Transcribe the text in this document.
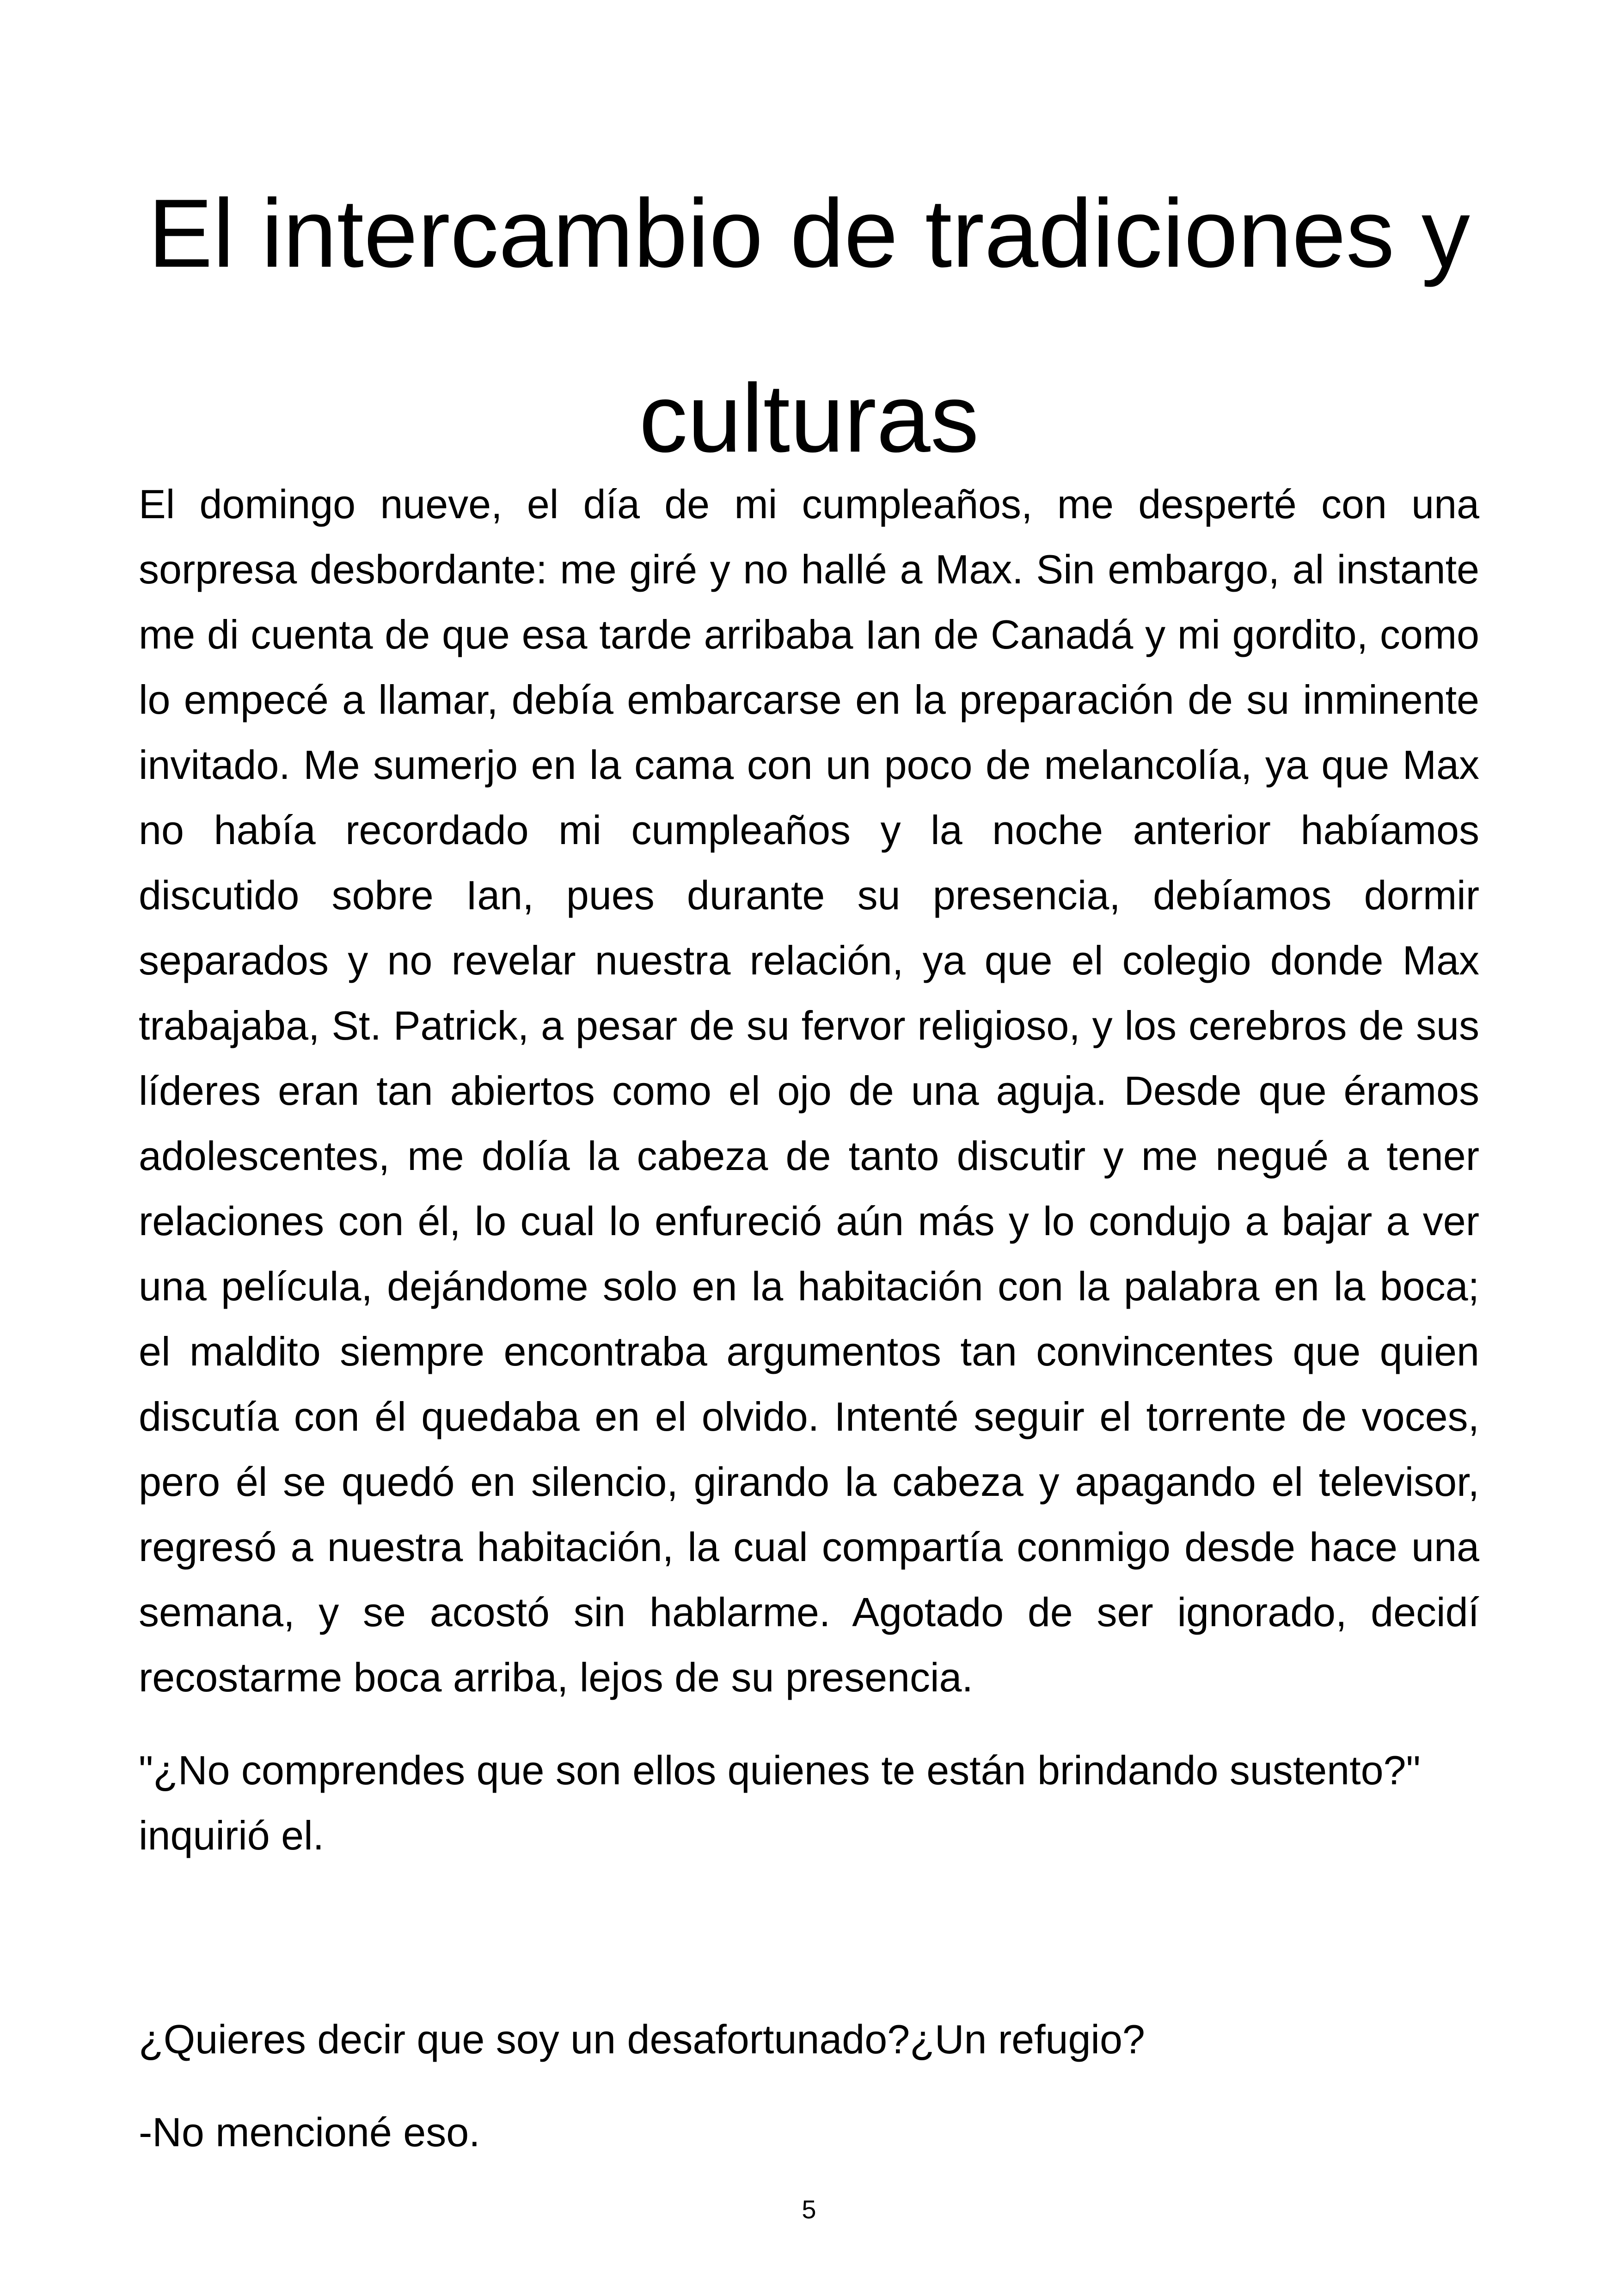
El intercambio de tradiciones y culturas

El domingo nueve, el día de mi cumpleaños, me desperté con una sorpresa desbordante: me giré y no hallé a Max. Sin embargo, al instante me di cuenta de que esa tarde arribaba Ian de Canadá y mi gordito, como lo empecé a llamar, debía embarcarse en la preparación de su inminente invitado. Me sumerjo en la cama con un poco de melancolía, ya que Max no había recordado mi cumpleaños y la noche anterior habíamos discutido sobre Ian, pues durante su presencia, debíamos dormir separados y no revelar nuestra relación, ya que el colegio donde Max trabajaba, St. Patrick, a pesar de su fervor religioso, y los cerebros de sus líderes eran tan abiertos como el ojo de una aguja. Desde que éramos adolescentes, me dolía la cabeza de tanto discutir y me negué a tener relaciones con él, lo cual lo enfureció aún más y lo condujo a bajar a ver una película, dejándome solo en la habitación con la palabra en la boca; el maldito siempre encontraba argumentos tan convincentes que quien discutía con él quedaba en el olvido. Intenté seguir el torrente de voces, pero él se quedó en silencio, girando la cabeza y apagando el televisor, regresó a nuestra habitación, la cual compartía conmigo desde hace una semana, y se acostó sin hablarme. Agotado de ser ignorado, decidí recostarme boca arriba, lejos de su presencia.

"¿No comprendes que son ellos quienes te están brindando sustento?" inquirió el.

¿Quieres decir que soy un desafortunado?¿Un refugio?

-No mencioné eso.

5
